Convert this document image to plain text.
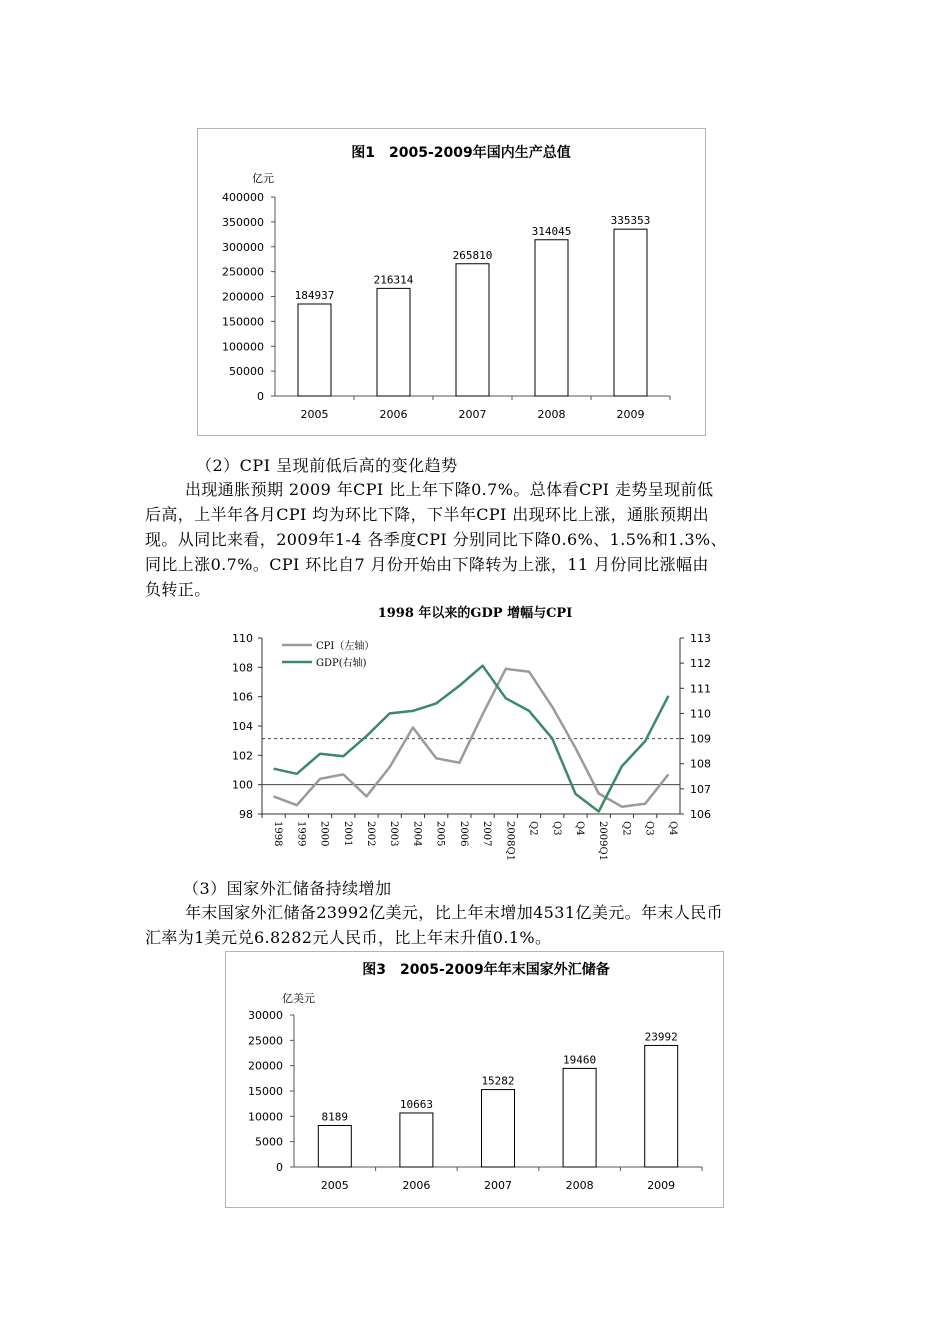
图1　2005-2009年国内生产总值
亿元
0
50000
100000
150000
200000
250000
300000
350000
400000
184937
2005
216314
2006
265810
2007
314045
2008
335353
2009

（2）CPI 呈现前低后高的变化趋势

出现通胀预期 2009 年CPI 比上年下降0.7%。总体看CPI 走势呈现前低

后高，上半年各月CPI 均为环比下降，下半年CPI 出现环比上涨，通胀预期出

现。从同比来看，2009年1-4 各季度CPI 分别同比下降0.6%、1.5%和1.3%、

同比上涨0.7%。CPI 环比自7 月份开始由下降转为上涨，11 月份同比涨幅由

负转正。

1998 年以来的GDP 增幅与CPI

98
100
102
104
106
108
110
106
107
108
109
110
111
112
113
1998 1999 2000 2001 2002 2003 2004 2005 2006 2007 2008Q1 Q2 Q3 Q4 2009Q1 Q2 Q3 Q4
CPI（左轴）
GDP(右轴)

（3）国家外汇储备持续增加

年末国家外汇储备23992亿美元，比上年末增加4531亿美元。年末人民币

汇率为1美元兑6.8282元人民币，比上年末升值0.1%。

图3　2005-2009年年末国家外汇储备
亿美元
0
5000
10000
15000
20000
25000
30000
8189
2005
10663
2006
15282
2007
19460
2008
23992
2009
